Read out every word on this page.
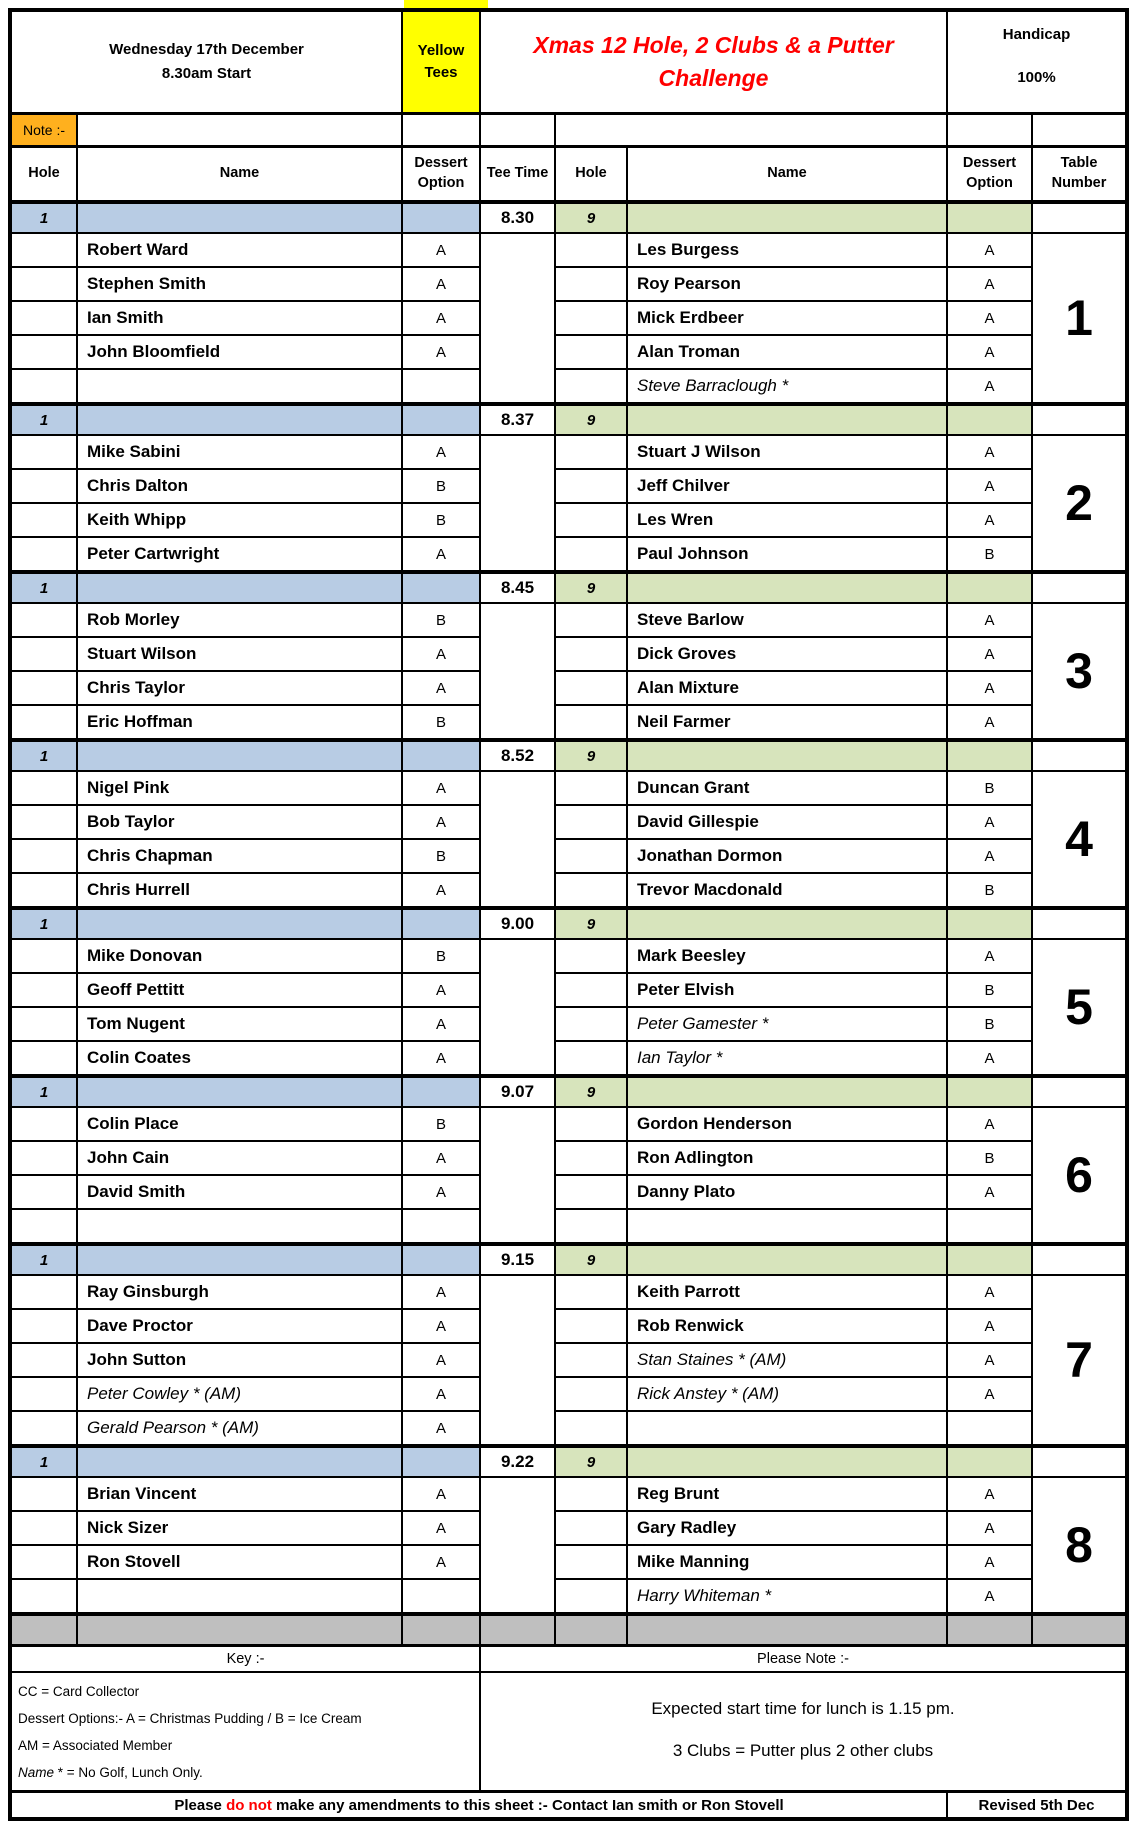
Wednesday 17th December
8.30am Start

Yellow
Tees

Xmas 12 Hole, 2 Clubs & a Putter
Challenge

Handicap
100%

Note :-							
Hole	Name	Dessert Option	Tee Time	Hole	Name	Dessert Option	Table Number
1			8.30	9			
	Robert Ward	A			Les Burgess	A	1
	Stephen Smith	A			Roy Pearson	A	
	Ian Smith	A			Mick Erdbeer	A	
	John Bloomfield	A			Alan Troman	A	
					Steve Barraclough *	A	
1			8.37	9			
	Mike Sabini	A			Stuart J Wilson	A	2
	Chris Dalton	B			Jeff Chilver	A	
	Keith Whipp	B			Les Wren	A	
	Peter Cartwright	A			Paul Johnson	B	
1			8.45	9			
	Rob Morley	B			Steve Barlow	A	3
	Stuart Wilson	A			Dick Groves	A	
	Chris Taylor	A			Alan Mixture	A	
	Eric Hoffman	B			Neil Farmer	A	
1			8.52	9			
	Nigel Pink	A			Duncan Grant	B	4
	Bob Taylor	A			David Gillespie	A	
	Chris Chapman	B			Jonathan Dormon	A	
	Chris Hurrell	A			Trevor Macdonald	B	
1			9.00	9			
	Mike Donovan	B			Mark Beesley	A	5
	Geoff Pettitt	A			Peter Elvish	B	
	Tom Nugent	A			Peter Gamester *	B	
	Colin Coates	A			Ian Taylor *	A	
1			9.07	9			
	Colin Place	B			Gordon Henderson	A	6
	John Cain	A			Ron Adlington	B	
	David Smith	A			Danny Plato	A	

1			9.15	9			
	Ray Ginsburgh	A			Keith Parrott	A	7
	Dave Proctor	A			Rob Renwick	A	
	John Sutton	A			Stan Staines * (AM)	A	
	Peter Cowley * (AM)	A			Rick Anstey * (AM)	A	
	Gerald Pearson * (AM)	A					
1			9.22	9			
	Brian Vincent	A			Reg Brunt	A	8
	Nick Sizer	A			Gary Radley	A	
	Ron Stovell	A			Mike Manning	A	
					Harry Whiteman *	A	

Key :-			Please Note :-				

CC = Card Collector
Dessert Options:- A = Christmas Pudding / B = Ice Cream
AM = Associated Member
Name * = No Golf, Lunch Only.

Expected start time for lunch is 1.15 pm.
3 Clubs = Putter plus 2 other clubs

Please do not make any amendments to this sheet :- Contact Ian smith or Ron Stovell						Revised 5th Dec	
